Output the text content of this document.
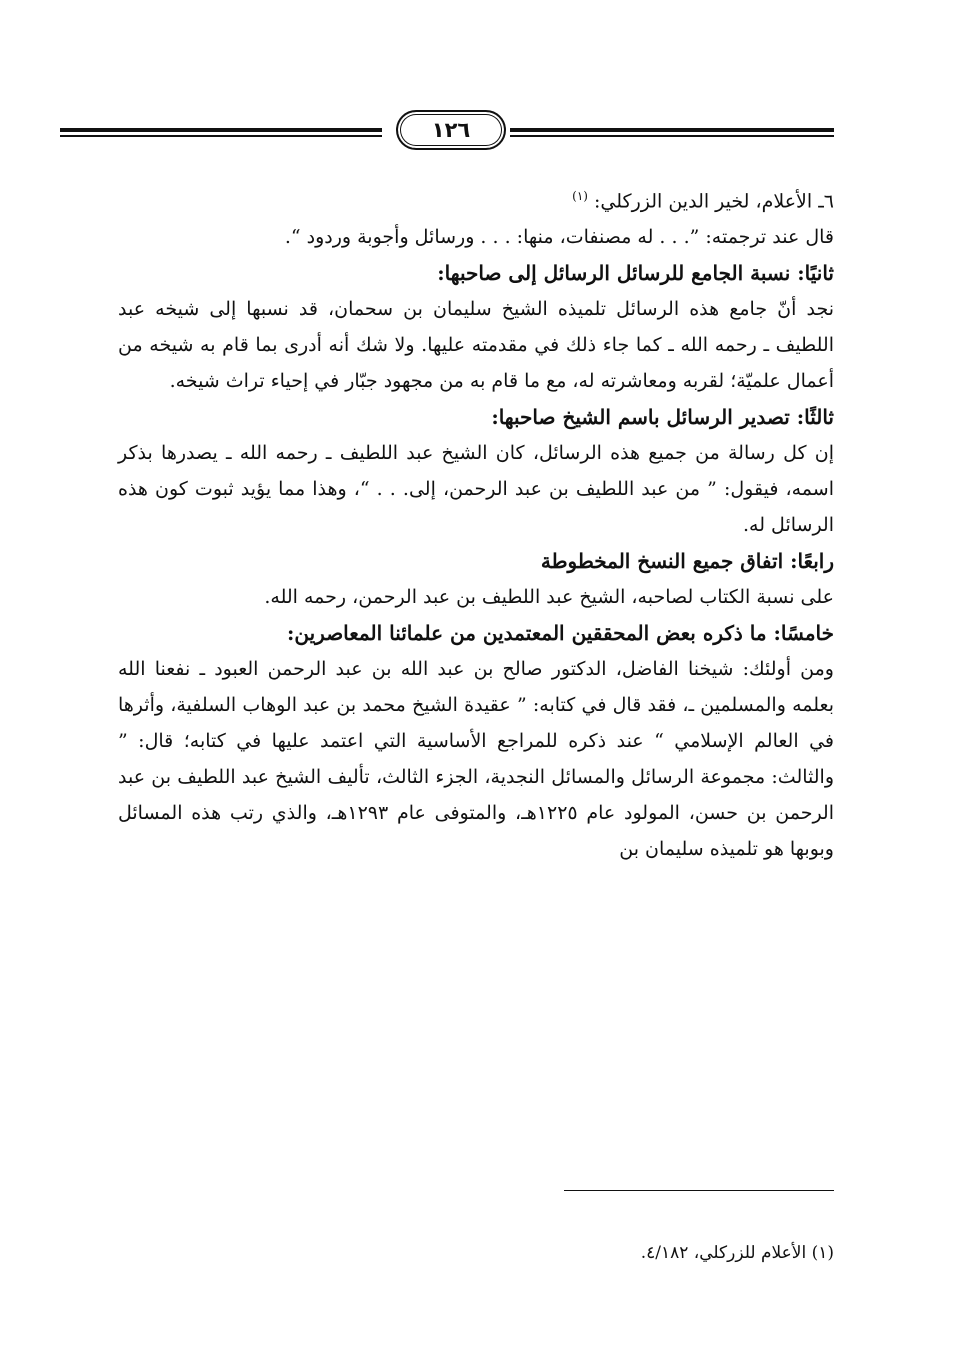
١٢٦

٦ـ الأعلام، لخير الدين الزركلي: $^{(١)}$

قال عند ترجمته: ”. . . له مصنفات، منها: . . . ورسائل وأجوبة وردود “.

ثانيًا: نسبة الجامع للرسائل الرسائل إلى صاحبها:

نجد أنّ جامع هذه الرسائل تلميذه الشيخ سليمان بن سحمان، قد نسبها إلى شيخه عبد اللطيف ـ رحمه الله ـ كما جاء ذلك في مقدمته عليها. ولا شك أنه أدرى بما قام به شيخه من أعمال علميّة؛ لقربه ومعاشرته له، مع ما قام به من مجهود جبّار في إحياء تراث شيخه.

ثالثًا: تصدير الرسائل باسم الشيخ صاحبها:

إن كل رسالة من جميع هذه الرسائل، كان الشيخ عبد اللطيف ـ رحمه الله ـ يصدرها بذكر اسمه، فيقول: ” من عبد اللطيف بن عبد الرحمن، إلى. . . “، وهذا مما يؤيد ثبوت كون هذه الرسائل له.

رابعًا: اتفاق جميع النسخ المخطوطة

على نسبة الكتاب لصاحبه، الشيخ عبد اللطيف بن عبد الرحمن، رحمه الله.

خامسًا: ما ذكره بعض المحققين المعتمدين من علمائنا المعاصرين:

ومن أولئك: شيخنا الفاضل، الدكتور صالح بن عبد الله بن عبد الرحمن العبود ـ نفعنا الله بعلمه والمسلمين ـ، فقد قال في كتابه: ” عقيدة الشيخ محمد بن عبد الوهاب السلفية، وأثرها في العالم الإسلامي “ عند ذكره للمراجع الأساسية التي اعتمد عليها في كتابه؛ قال: ” والثالث: مجموعة الرسائل والمسائل النجدية، الجزء الثالث، تأليف الشيخ عبد اللطيف بن عبد الرحمن بن حسن، المولود عام ١٢٢٥هـ، والمتوفى عام ١٢٩٣هـ، والذي رتب هذه المسائل وبوبها هو تلميذه سليمان بن

(١) الأعلام للزركلي، ٤/١٨٢.
